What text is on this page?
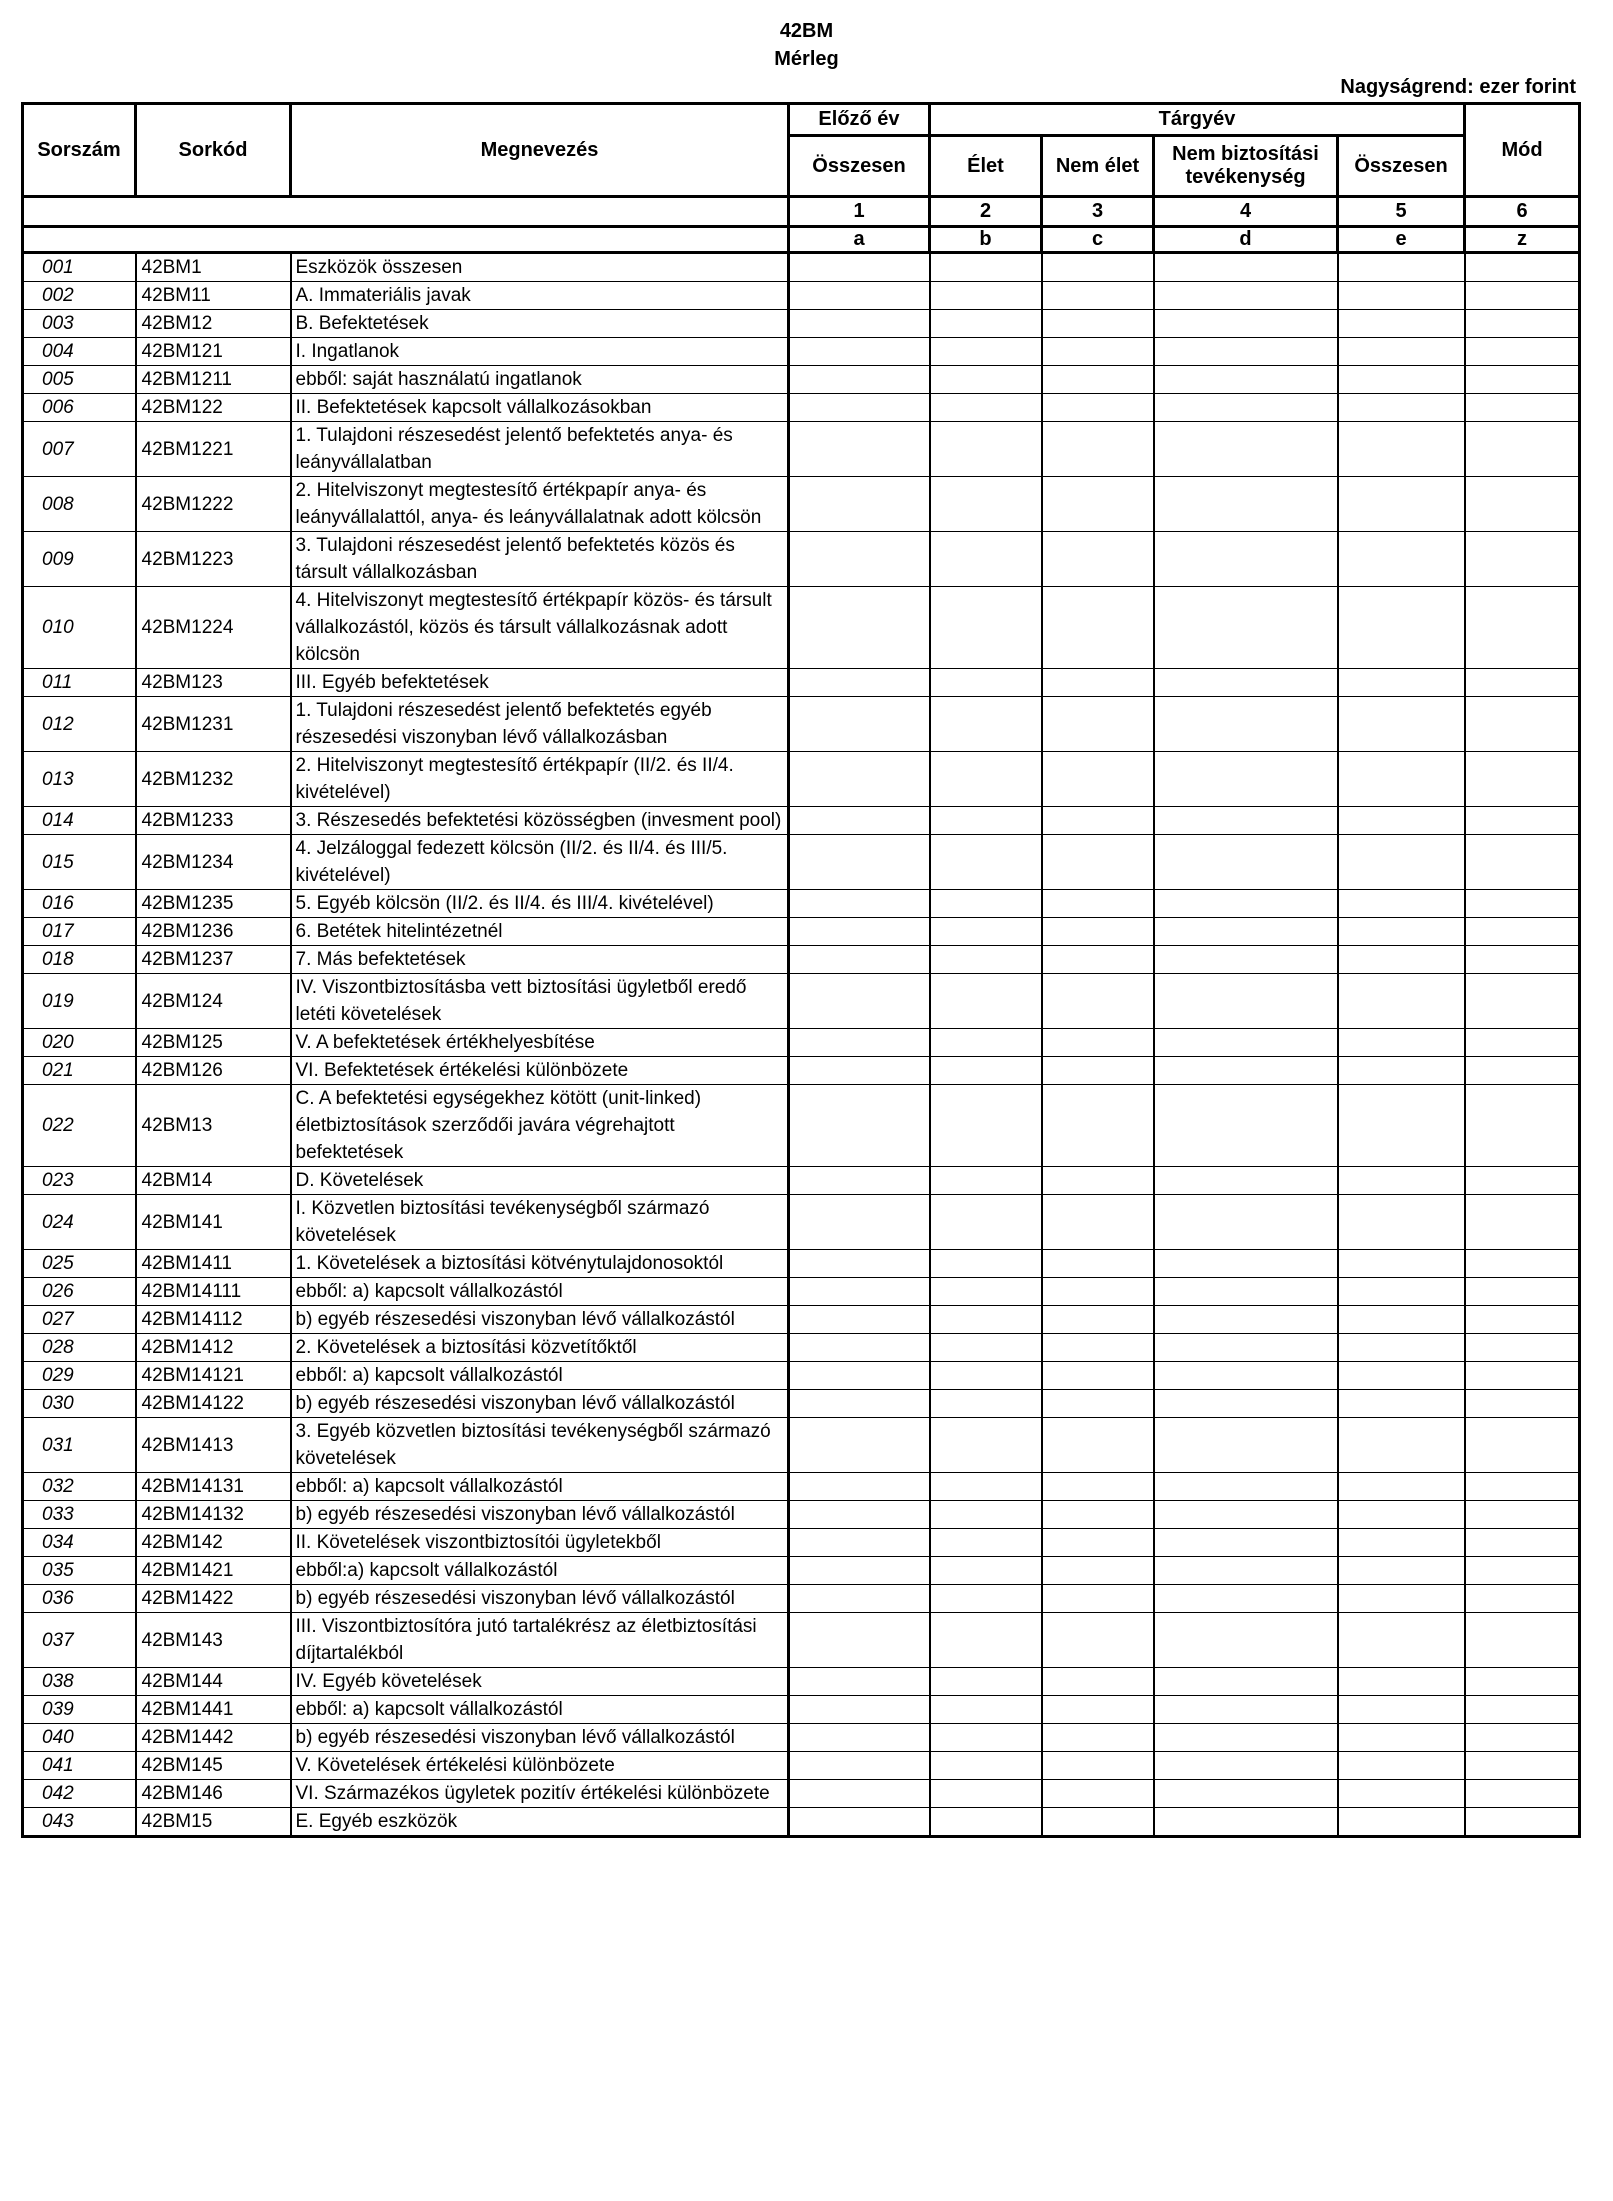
42BM
Mérleg
Nagyságrend: ezer forint
Sorszám	Sorkód	Megnevezés	Előző év	Tárgyév				Mód
			Összesen	Élet	Nem élet	Nem biztosítási tevékenység	Összesen	
			1	2	3	4	5	6
			a	b	c	d	e	z
001	42BM1	Eszközök összesen						
002	42BM11	A. Immateriális javak						
003	42BM12	B. Befektetések						
004	42BM121	I. Ingatlanok						
005	42BM1211	ebből: saját használatú ingatlanok						
006	42BM122	II. Befektetések kapcsolt vállalkozásokban						
007	42BM1221	1. Tulajdoni részesedést jelentő befektetés anya- és leányvállalatban						
008	42BM1222	2. Hitelviszonyt megtestesítő értékpapír anya- és leányvállalattól, anya- és leányvállalatnak adott kölcsön						
009	42BM1223	3. Tulajdoni részesedést jelentő befektetés közös és társult vállalkozásban						
010	42BM1224	4. Hitelviszonyt megtestesítő értékpapír közös- és társult vállalkozástól, közös és társult vállalkozásnak adott kölcsön						
011	42BM123	III. Egyéb befektetések						
012	42BM1231	1. Tulajdoni részesedést jelentő befektetés egyéb részesedési viszonyban lévő vállalkozásban						
013	42BM1232	2. Hitelviszonyt megtestesítő értékpapír (II/2. és II/4. kivételével)						
014	42BM1233	3. Részesedés befektetési közösségben (invesment pool)						
015	42BM1234	4. Jelzáloggal fedezett kölcsön (II/2. és II/4. és III/5. kivételével)						
016	42BM1235	5. Egyéb kölcsön (II/2. és II/4. és III/4. kivételével)						
017	42BM1236	6. Betétek hitelintézetnél						
018	42BM1237	7. Más befektetések						
019	42BM124	IV. Viszontbiztosításba vett biztosítási ügyletből eredő letéti követelések						
020	42BM125	V. A befektetések értékhelyesbítése						
021	42BM126	VI. Befektetések értékelési különbözete						
022	42BM13	C. A befektetési egységekhez kötött (unit-linked) életbiztosítások szerződői javára végrehajtott befektetések						
023	42BM14	D. Követelések						
024	42BM141	I. Közvetlen biztosítási tevékenységből származó követelések						
025	42BM1411	1. Követelések a biztosítási kötvénytulajdonosoktól						
026	42BM14111	ebből: a) kapcsolt vállalkozástól						
027	42BM14112	b) egyéb részesedési viszonyban lévő vállalkozástól						
028	42BM1412	2. Követelések a biztosítási közvetítőktől						
029	42BM14121	ebből: a) kapcsolt vállalkozástól						
030	42BM14122	b) egyéb részesedési viszonyban lévő vállalkozástól						
031	42BM1413	3. Egyéb közvetlen biztosítási tevékenységből származó követelések						
032	42BM14131	ebből: a) kapcsolt vállalkozástól						
033	42BM14132	b) egyéb részesedési viszonyban lévő vállalkozástól						
034	42BM142	II. Követelések viszontbiztosítói ügyletekből						
035	42BM1421	ebből:a) kapcsolt vállalkozástól						
036	42BM1422	b) egyéb részesedési viszonyban lévő vállalkozástól						
037	42BM143	III. Viszontbiztosítóra jutó tartalékrész az életbiztosítási díjtartalékból						
038	42BM144	IV. Egyéb követelések						
039	42BM1441	ebből: a) kapcsolt vállalkozástól						
040	42BM1442	b) egyéb részesedési viszonyban lévő vállalkozástól						
041	42BM145	V. Követelések értékelési különbözete						
042	42BM146	VI. Származékos ügyletek pozitív értékelési különbözete						
043	42BM15	E. Egyéb eszközök						
